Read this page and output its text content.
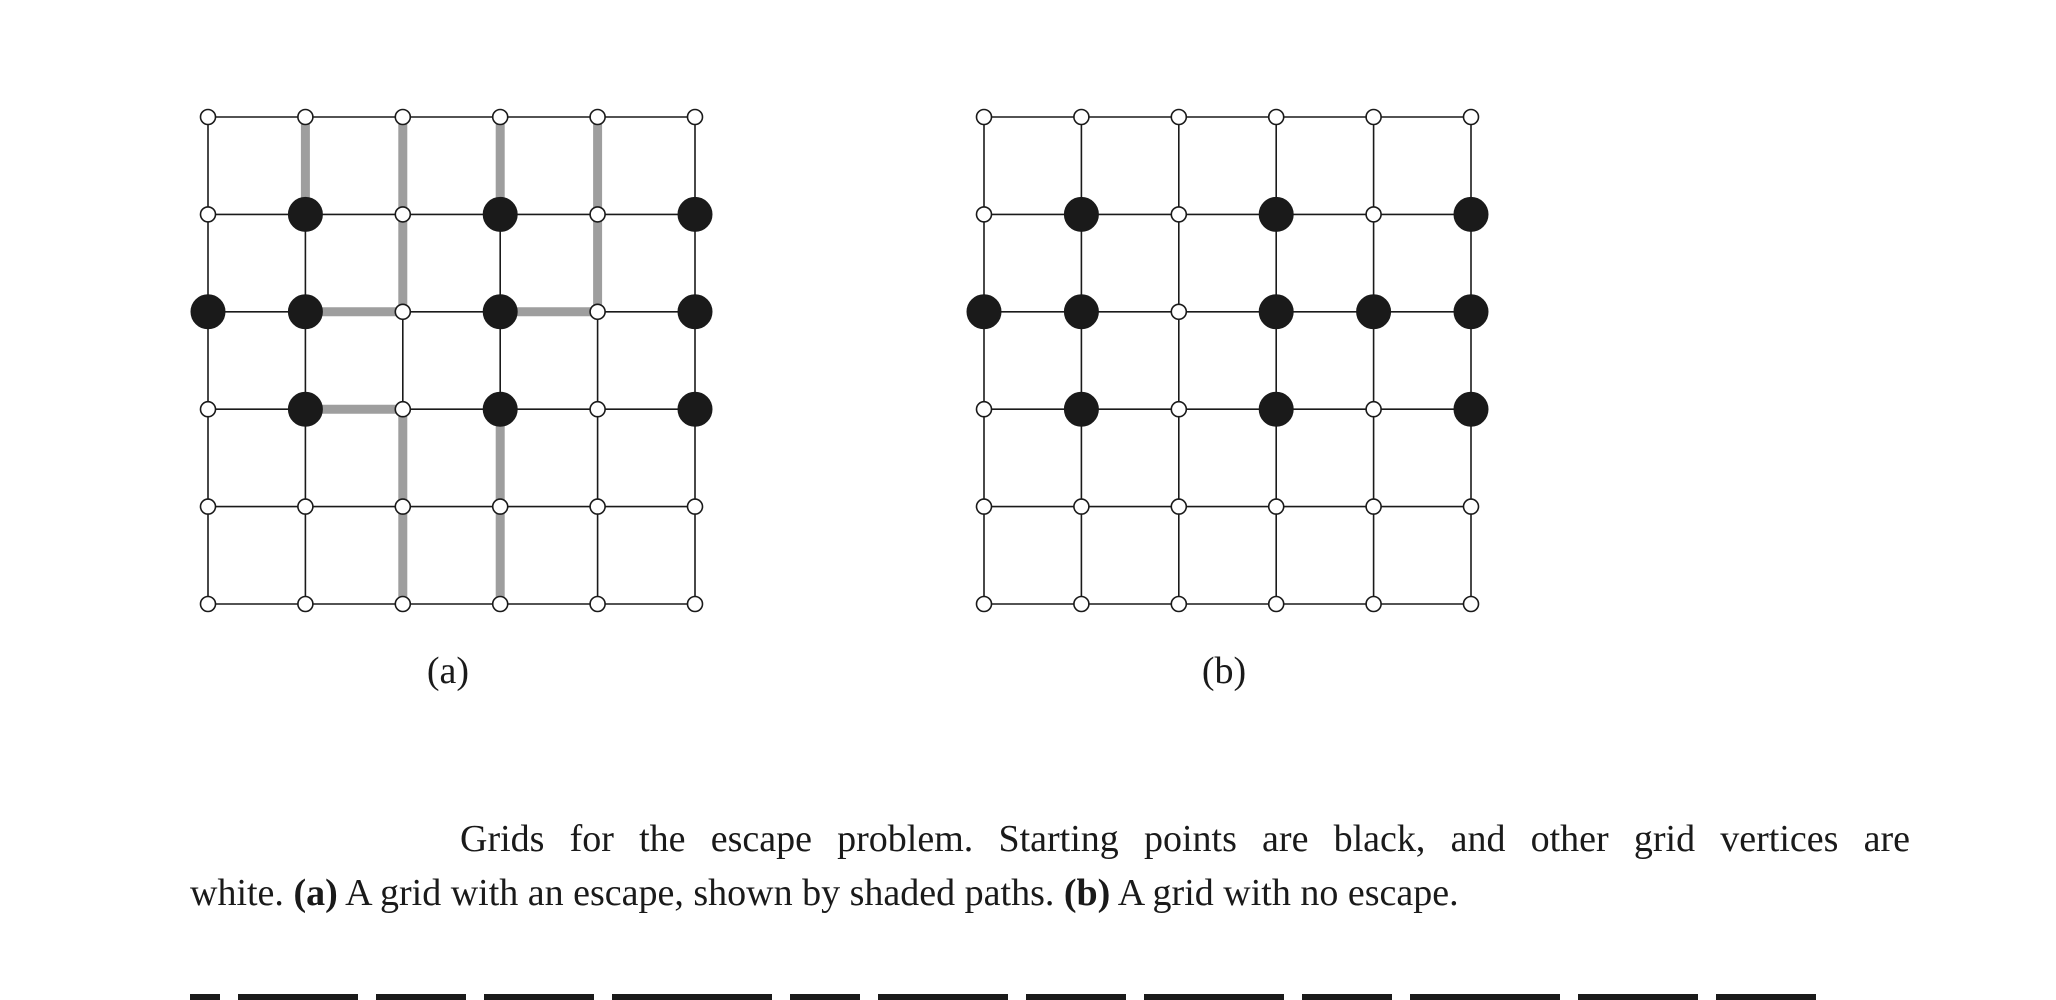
(a)	(b)
Grids for the escape problem. Starting points are black, and other grid vertices are
white. (a) A grid with an escape, shown by shaded paths. (b) A grid with no escape.
